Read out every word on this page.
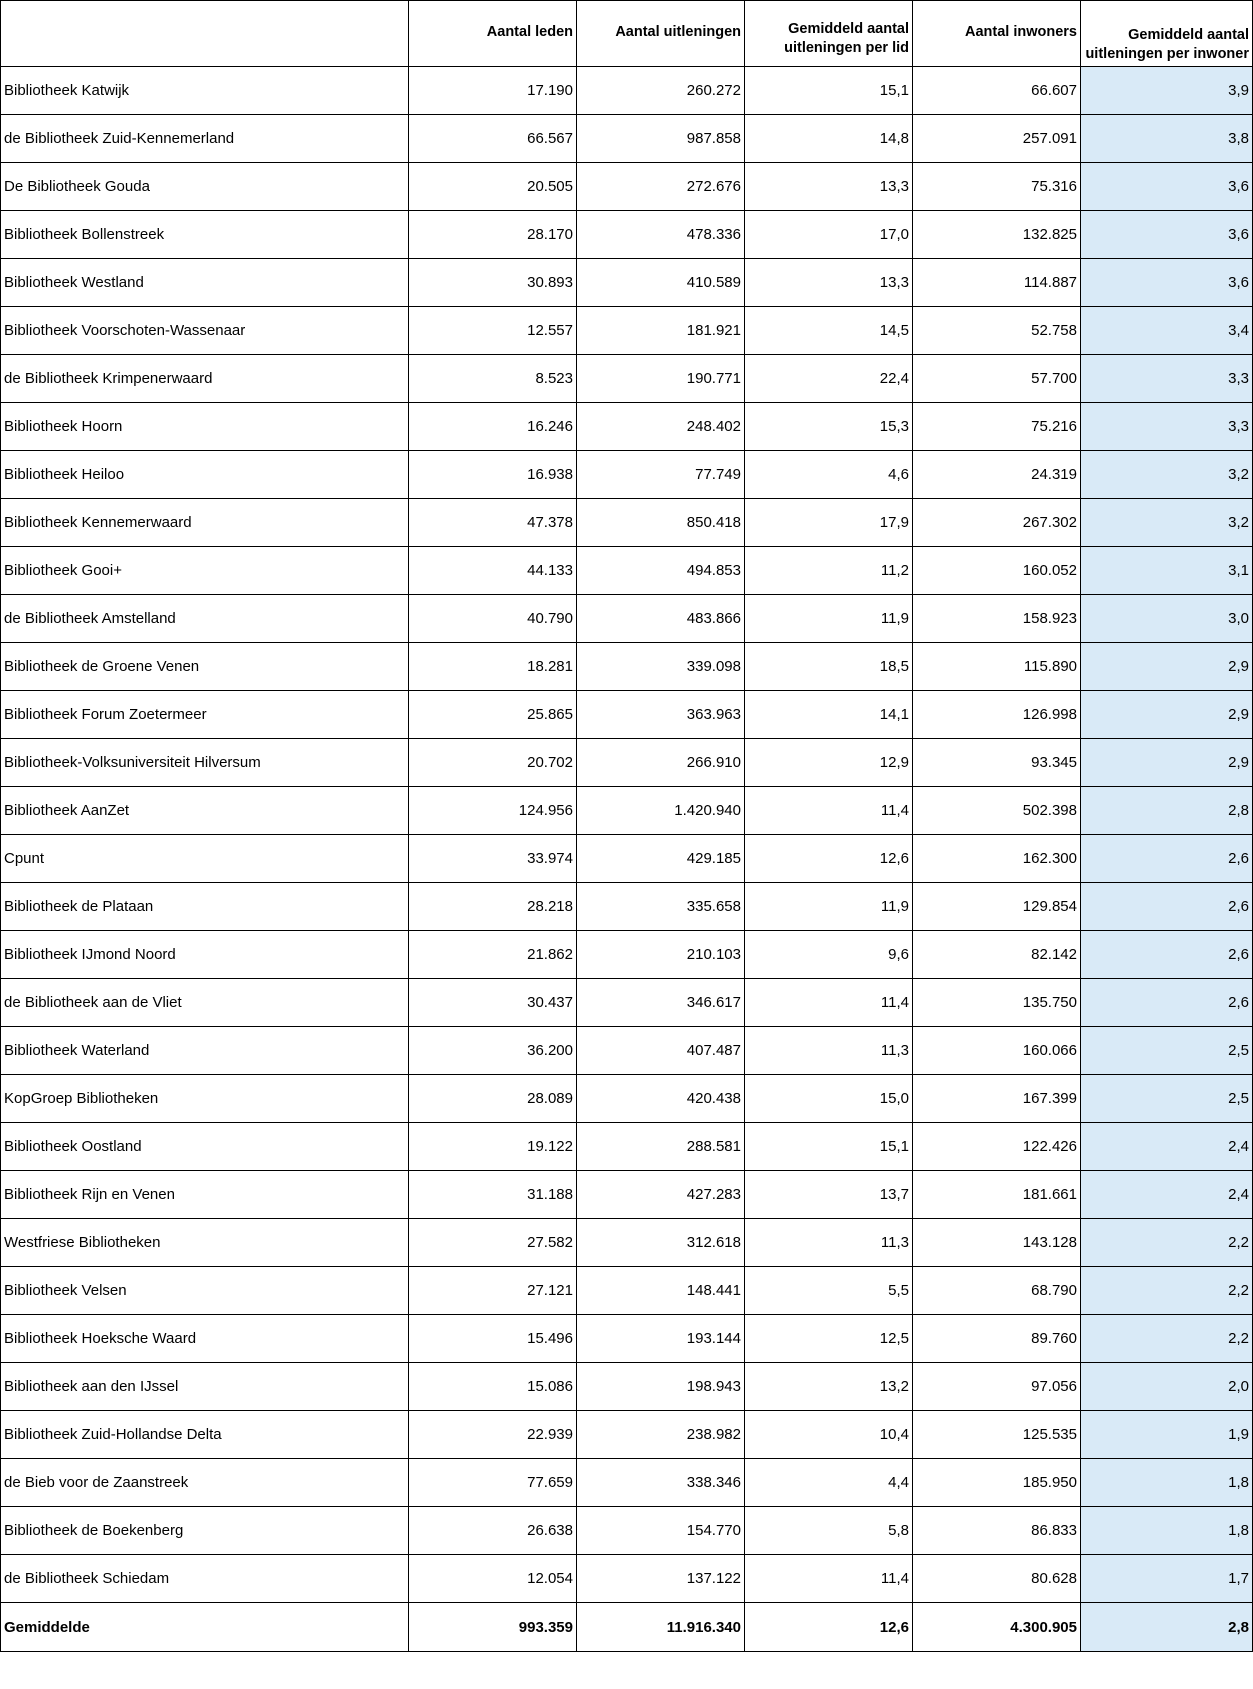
	Aantal leden	Aantal uitleningen	Gemiddeld aantal uitleningen per lid	Aantal inwoners	Gemiddeld aantal uitleningen per inwoner
Bibliotheek Katwijk	17.190	260.272	15,1	66.607	3,9
de Bibliotheek Zuid-Kennemerland	66.567	987.858	14,8	257.091	3,8
De Bibliotheek Gouda	20.505	272.676	13,3	75.316	3,6
Bibliotheek Bollenstreek	28.170	478.336	17,0	132.825	3,6
Bibliotheek Westland	30.893	410.589	13,3	114.887	3,6
Bibliotheek Voorschoten-Wassenaar	12.557	181.921	14,5	52.758	3,4
de Bibliotheek Krimpenerwaard	8.523	190.771	22,4	57.700	3,3
Bibliotheek Hoorn	16.246	248.402	15,3	75.216	3,3
Bibliotheek Heiloo	16.938	77.749	4,6	24.319	3,2
Bibliotheek Kennemerwaard	47.378	850.418	17,9	267.302	3,2
Bibliotheek Gooi+	44.133	494.853	11,2	160.052	3,1
de Bibliotheek Amstelland	40.790	483.866	11,9	158.923	3,0
Bibliotheek de Groene Venen	18.281	339.098	18,5	115.890	2,9
Bibliotheek Forum Zoetermeer	25.865	363.963	14,1	126.998	2,9
Bibliotheek-Volksuniversiteit Hilversum	20.702	266.910	12,9	93.345	2,9
Bibliotheek AanZet	124.956	1.420.940	11,4	502.398	2,8
Cpunt	33.974	429.185	12,6	162.300	2,6
Bibliotheek de Plataan	28.218	335.658	11,9	129.854	2,6
Bibliotheek IJmond Noord	21.862	210.103	9,6	82.142	2,6
de Bibliotheek aan de Vliet	30.437	346.617	11,4	135.750	2,6
Bibliotheek Waterland	36.200	407.487	11,3	160.066	2,5
KopGroep Bibliotheken	28.089	420.438	15,0	167.399	2,5
Bibliotheek Oostland	19.122	288.581	15,1	122.426	2,4
Bibliotheek Rijn en Venen	31.188	427.283	13,7	181.661	2,4
Westfriese Bibliotheken	27.582	312.618	11,3	143.128	2,2
Bibliotheek Velsen	27.121	148.441	5,5	68.790	2,2
Bibliotheek Hoeksche Waard	15.496	193.144	12,5	89.760	2,2
Bibliotheek aan den IJssel	15.086	198.943	13,2	97.056	2,0
Bibliotheek Zuid-Hollandse Delta	22.939	238.982	10,4	125.535	1,9
de Bieb voor de Zaanstreek	77.659	338.346	4,4	185.950	1,8
Bibliotheek de Boekenberg	26.638	154.770	5,8	86.833	1,8
de Bibliotheek Schiedam	12.054	137.122	11,4	80.628	1,7
Gemiddelde	993.359	11.916.340	12,6	4.300.905	2,8
